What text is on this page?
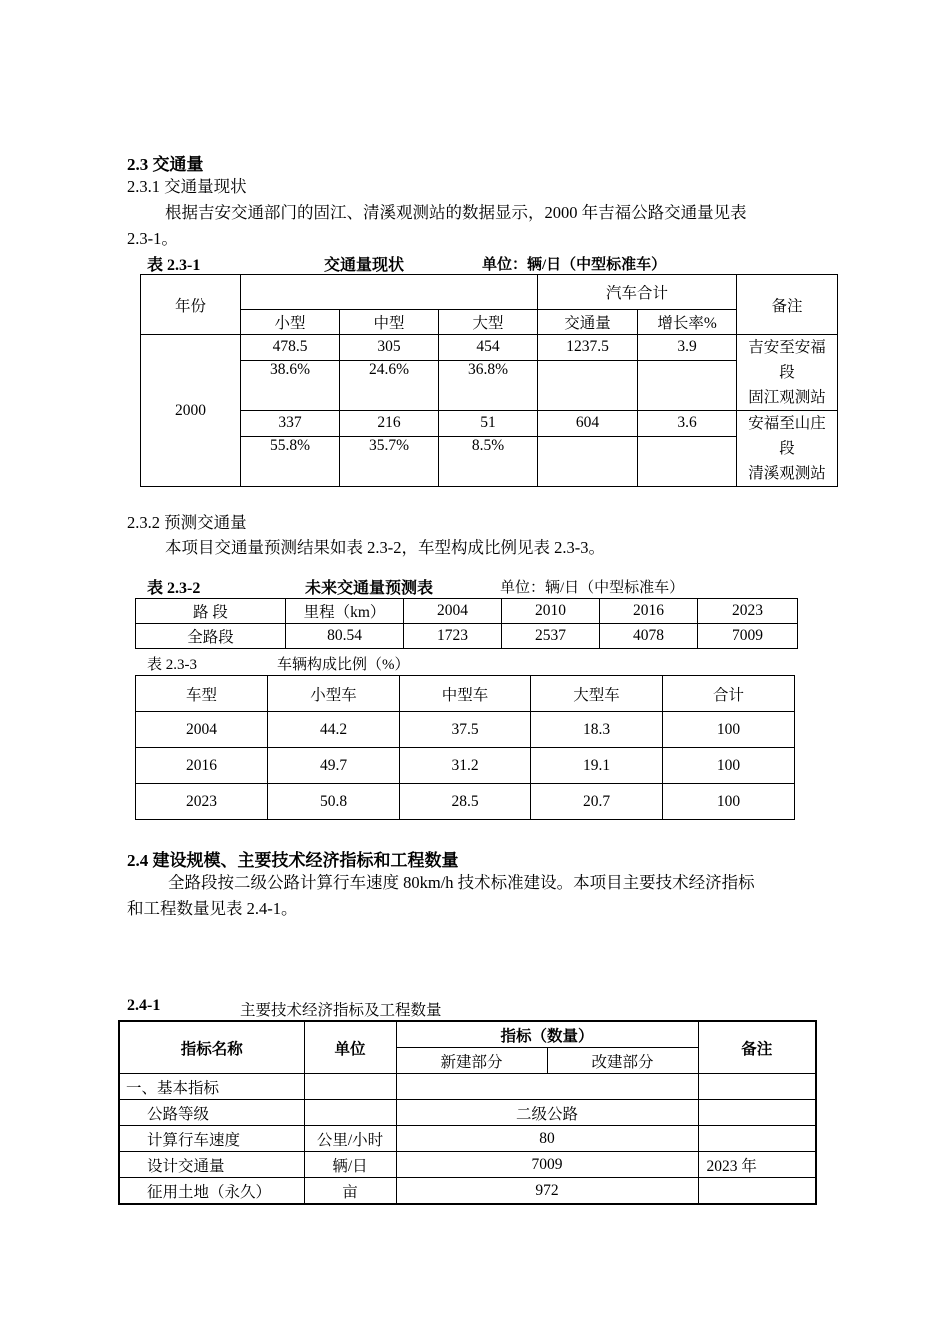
2.3 交通量
2.3.1 交通量现状
根据吉安交通部门的固江、清溪观测站的数据显示，2000 年吉福公路交通量见表
2.3-1。
表 2.3-1	交通量现状	单位：辆/日（中型标准车）
年份				汽车合计		备注
	小型	中型	大型	交通量	增长率%	
2000	478.5	305	454	1237.5	3.9	吉安至安福
段
固江观测站

	38.6%	24.6%	36.8%			
	337	216	51	604	3.6	安福至山庄
段
清溪观测站

	55.8%	35.7%	8.5%			
2.3.2 预测交通量
本项目交通量预测结果如表 2.3-2，车型构成比例见表 2.3-3。
表 2.3-2	未来交通量预测表	单位：辆/日（中型标准车）
路 段	里程（km）	2004	2010	2016	2023
全路段	80.54	1723	2537	4078	7009
表 2.3-3	车辆构成比例（%）
车型	小型车	中型车	大型车	合计
2004	44.2	37.5	18.3	100
2016	49.7	31.2	19.1	100
2023	50.8	28.5	20.7	100
2.4 建设规模、主要技术经济指标和工程数量
全路段按二级公路计算行车速度 80km/h 技术标准建设。本项目主要技术经济指标
和工程数量见表 2.4-1。
2.4-1	主要技术经济指标及工程数量
指标名称	单位	指标（数量）		备注
		新建部分	改建部分	
一、基本指标				
公路等级		二级公路		
计算行车速度	公里/小时	80		
设计交通量	辆/日	7009		2023 年
征用土地（永久）	亩	972		
